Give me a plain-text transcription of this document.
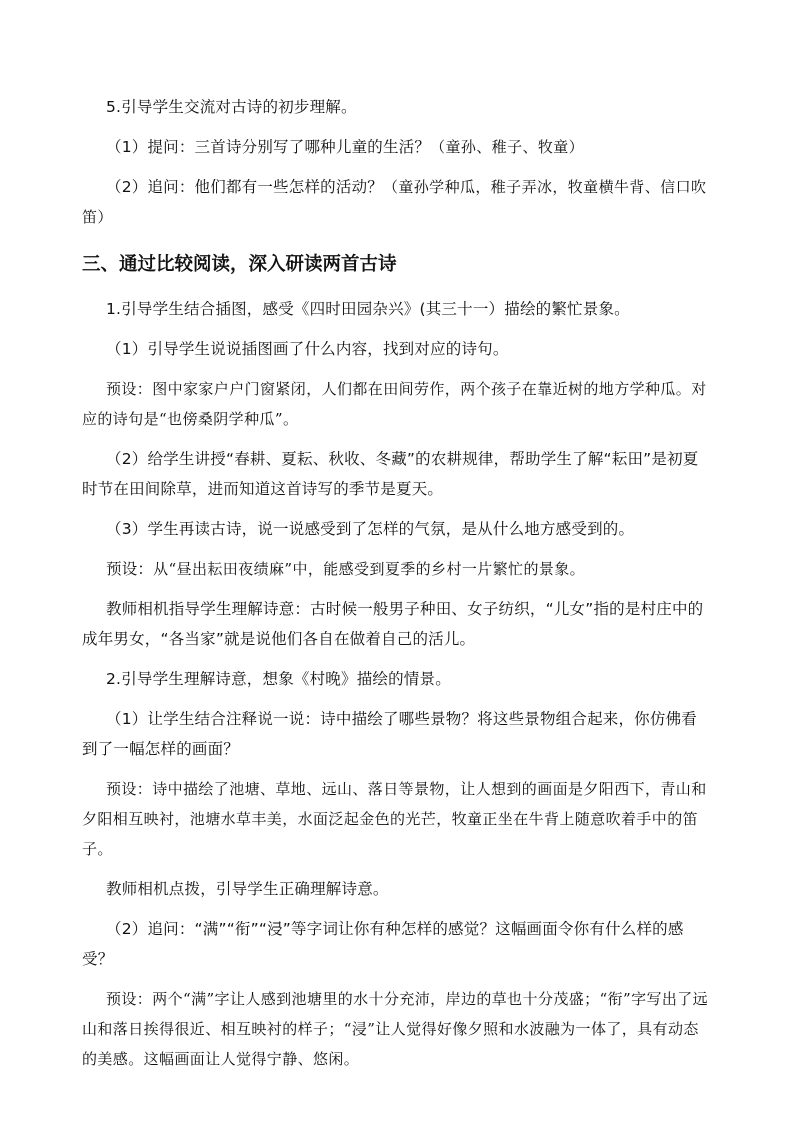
5.引导学生交流对古诗的初步理解。

（1）提问：三首诗分别写了哪种儿童的生活？（童孙、稚子、牧童）

（2）追问：他们都有一些怎样的活动？（童孙学种瓜，稚子弄冰，牧童横牛背、信口吹笛）

三、通过比较阅读，深入研读两首古诗

1.引导学生结合插图，感受《四时田园杂兴》(其三十一）描绘的繁忙景象。

（1）引导学生说说插图画了什么内容，找到对应的诗句。

预设：图中家家户户门窗紧闭，人们都在田间劳作，两个孩子在靠近树的地方学种瓜。对应的诗句是“也傍桑阴学种瓜”。

（2）给学生讲授“春耕、夏耘、秋收、冬藏”的农耕规律，帮助学生了解“耘田”是初夏时节在田间除草，进而知道这首诗写的季节是夏天。

（3）学生再读古诗，说一说感受到了怎样的气氛，是从什么地方感受到的。

预设：从“昼出耘田夜绩麻”中，能感受到夏季的乡村一片繁忙的景象。

教师相机指导学生理解诗意：古时候一般男子种田、女子纺织，“儿女”指的是村庄中的成年男女，“各当家”就是说他们各自在做着自己的活儿。

2.引导学生理解诗意，想象《村晚》描绘的情景。

（1）让学生结合注释说一说：诗中描绘了哪些景物？将这些景物组合起来，你仿佛看到了一幅怎样的画面？

预设：诗中描绘了池塘、草地、远山、落日等景物，让人想到的画面是夕阳西下，青山和夕阳相互映衬，池塘水草丰美，水面泛起金色的光芒，牧童正坐在牛背上随意吹着手中的笛子。

教师相机点拨，引导学生正确理解诗意。

（2）追问：“满”“衔”“浸”等字词让你有种怎样的感觉？这幅画面令你有什么样的感受？

预设：两个“满”字让人感到池塘里的水十分充沛，岸边的草也十分茂盛；“衔”字写出了远山和落日挨得很近、相互映衬的样子；“浸”让人觉得好像夕照和水波融为一体了，具有动态的美感。这幅画面让人觉得宁静、悠闲。
